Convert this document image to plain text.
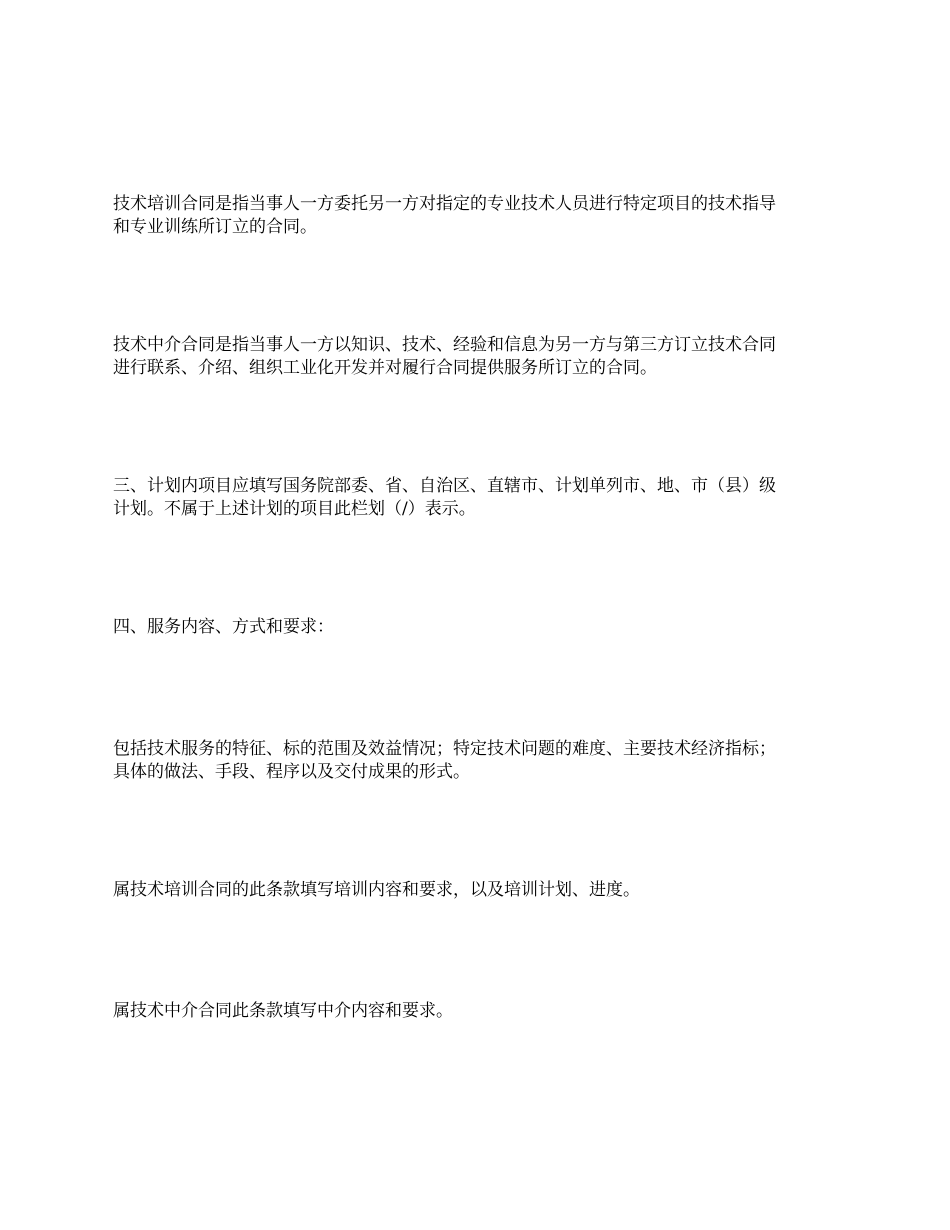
技术培训合同是指当事人一方委托另一方对指定的专业技术人员进行特定项目的技术指导
和专业训练所订立的合同。

技术中介合同是指当事人一方以知识、技术、经验和信息为另一方与第三方订立技术合同
进行联系、介绍、组织工业化开发并对履行合同提供服务所订立的合同。

三、计划内项目应填写国务院部委、省、自治区、直辖市、计划单列市、地、市（县）级
计划。不属于上述计划的项目此栏划（/）表示。

四、服务内容、方式和要求：

包括技术服务的特征、标的范围及效益情况；特定技术问题的难度、主要技术经济指标；
具体的做法、手段、程序以及交付成果的形式。

属技术培训合同的此条款填写培训内容和要求，以及培训计划、进度。

属技术中介合同此条款填写中介内容和要求。
